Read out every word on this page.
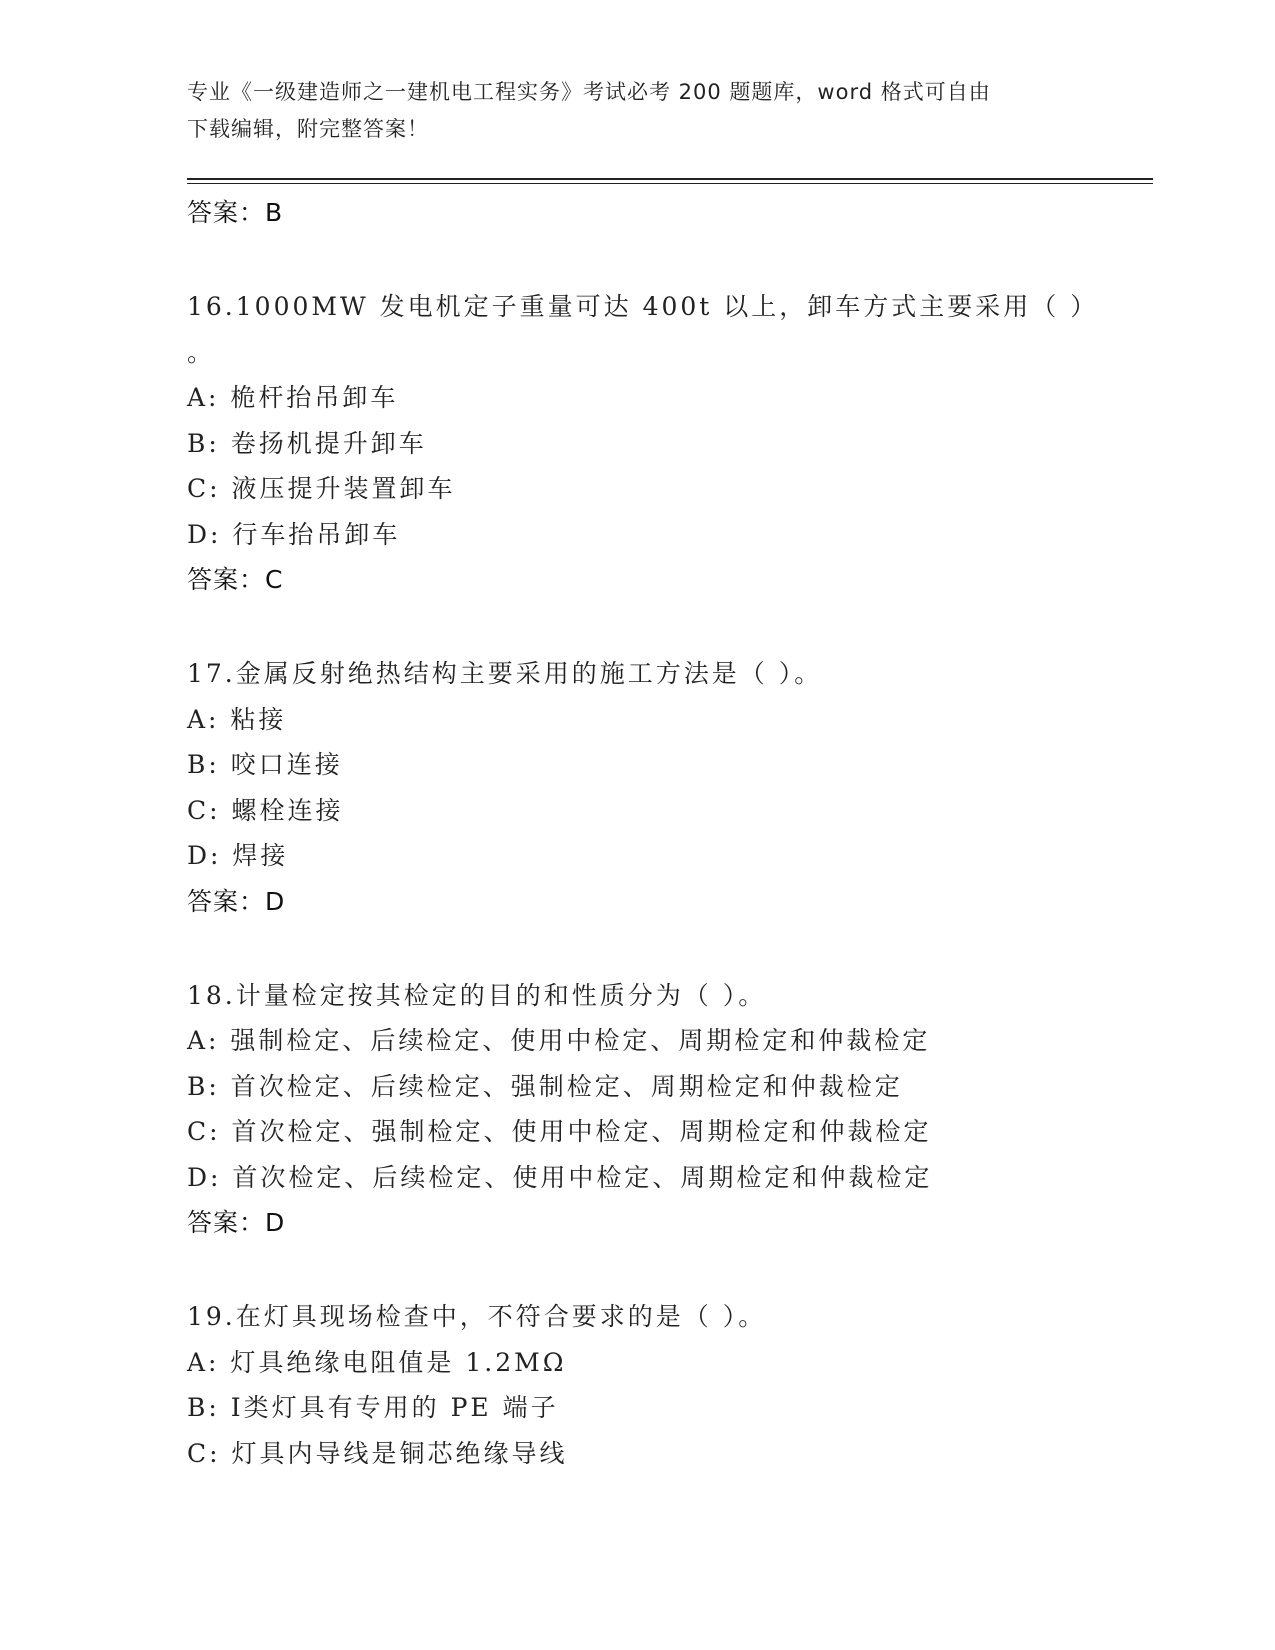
专业《一级建造师之一建机电工程实务》考试必考 200 题题库，word 格式可自由
下载编辑，附完整答案！
答案：B
16.1000MW 发电机定子重量可达 400t 以上，卸车方式主要采用（ ）
。
A: 桅杆抬吊卸车
B: 卷扬机提升卸车
C: 液压提升装置卸车
D: 行车抬吊卸车
答案：C
17.金属反射绝热结构主要采用的施工方法是（ ）。
A: 粘接
B: 咬口连接
C: 螺栓连接
D: 焊接
答案：D
18.计量检定按其检定的目的和性质分为（ ）。
A: 强制检定、后续检定、使用中检定、周期检定和仲裁检定
B: 首次检定、后续检定、强制检定、周期检定和仲裁检定
C: 首次检定、强制检定、使用中检定、周期检定和仲裁检定
D: 首次检定、后续检定、使用中检定、周期检定和仲裁检定
答案：D
19.在灯具现场检查中，不符合要求的是（ ）。
A: 灯具绝缘电阻值是 1.2MΩ
B: Ⅰ类灯具有专用的 PE 端子
C: 灯具内导线是铜芯绝缘导线
